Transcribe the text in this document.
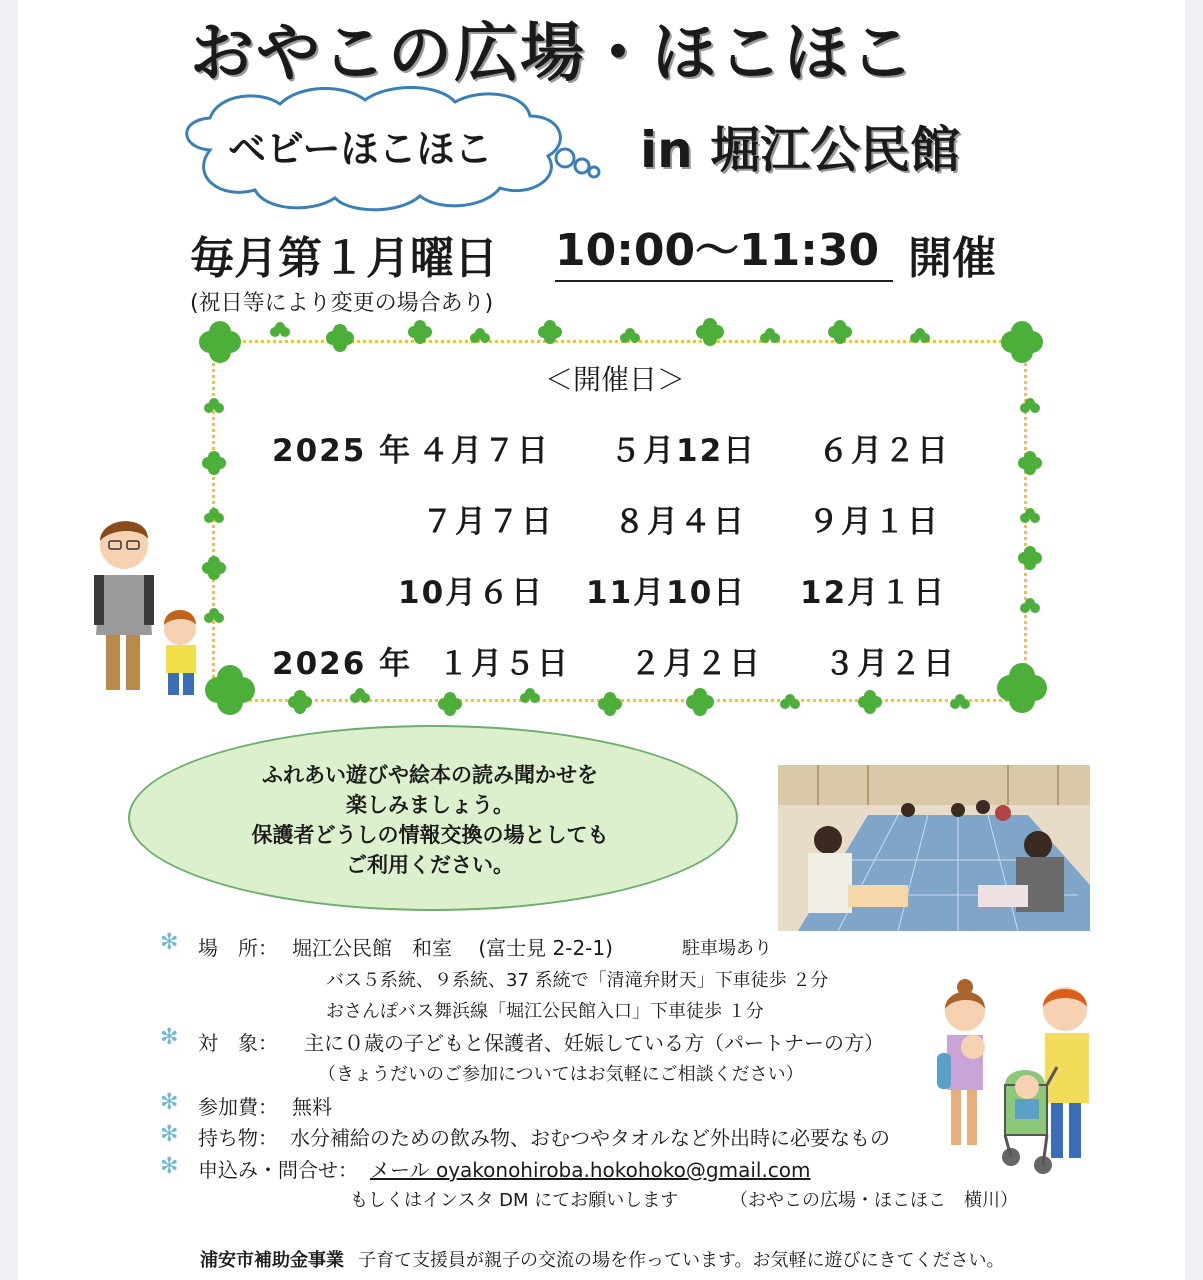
おやこの広場・ほこほこ
ベビーほこほこ	in 堀江公民館
毎月第１月曜日 10:00～11:30 開催
(祝日等により変更の場合あり)
＜開催日＞
2025 年 ４月７日 ５月12日 ６月２日
７月７日 ８月４日 ９月１日
10月６日 11月10日 12月１日
2026 年 １月５日 ２月２日 ３月２日
ふれあい遊びや絵本の読み聞かせを
楽しみましょう。
保護者どうしの情報交換の場としても
ご利用ください。
✻ 場　所： 堀江公民館　和室　 (富士見 2-2-1)	駐車場あり
バス５系統、９系統、37 系統で「清滝弁財天」下車徒歩 ２分
おさんぽバス舞浜線「堀江公民館入口」下車徒歩 １分
✻ 対　象： 主に０歳の子どもと保護者、妊娠している方（パートナーの方）
（きょうだいのご参加についてはお気軽にご相談ください）
✻ 参加費： 無料
✻ 持ち物： 水分補給のための飲み物、おむつやタオルなど外出時に必要なもの
✻ 申込み・問合せ： メール oyakonohiroba.hokohoko@gmail.com
もしくはインスタ DM にてお願いします	（おやこの広場・ほこほこ　横川）
浦安市補助金事業 子育て支援員が親子の交流の場を作っています。お気軽に遊びにきてください。
